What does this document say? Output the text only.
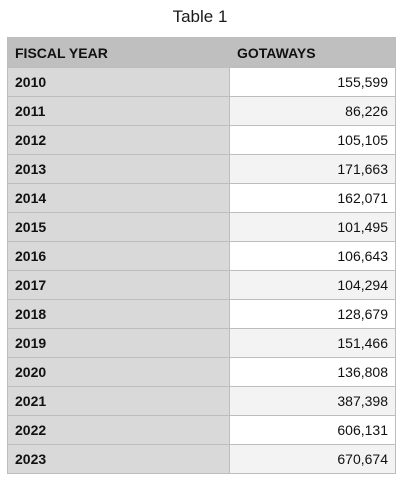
Table 1
FISCAL YEAR	GOTAWAYS
2010	155,599
2011	86,226
2012	105,105
2013	171,663
2014	162,071
2015	101,495
2016	106,643
2017	104,294
2018	128,679
2019	151,466
2020	136,808
2021	387,398
2022	606,131
2023	670,674
